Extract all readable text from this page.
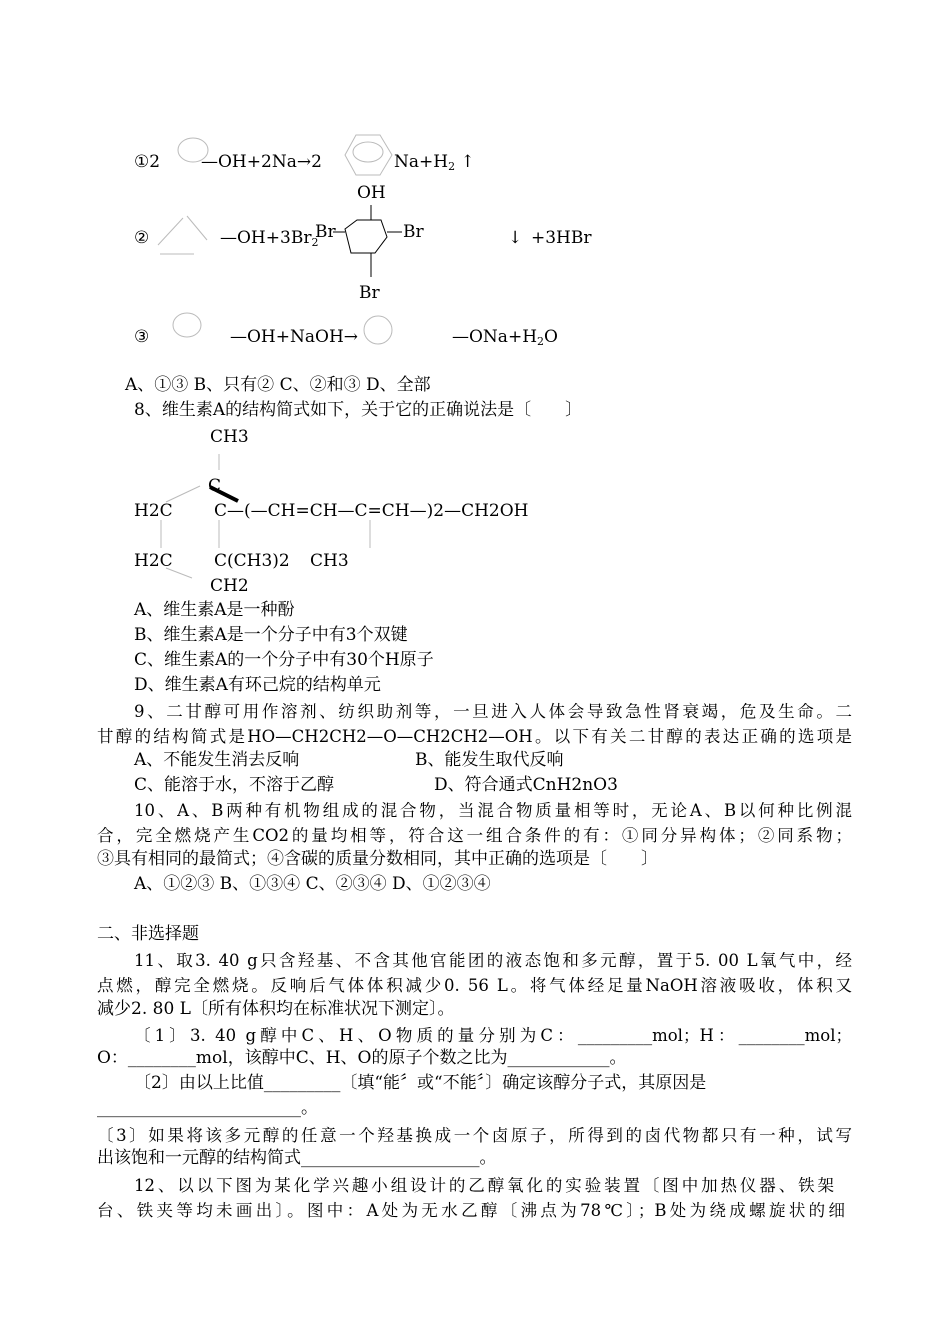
①2 —OH+2Na→2	$Na+H_2$ ↑
OH
②	$—OH+3Br_2$
Br	Br	↓ +3HBr
Br
③	—OH+NaOH→	$—ONa+H_2O$
A、①③ B、只有② C、②和③ D、全部
8、维生素A的结构简式如下，关于它的正确说法是〔　　〕
CH3
C
H2C C—(—CH=CH—C=CH—)2—CH2OH
H2C C(CH3)2 CH3
CH2
A、维生素A是一种酚
B、维生素A是一个分子中有3个双键
C、维生素A的一个分子中有30个H原子
D、维生素A有环己烷的结构单元
9、二甘醇可用作溶剂、纺织助剂等，一旦进入人体会导致急性肾衰竭，危及生命。二
甘醇的结构简式是HO—CH2CH2—O—CH2CH2—OH。以下有关二甘醇的表达正确的选项是
A、不能发生消去反响	B、能发生取代反响
C、能溶于水，不溶于乙醇	D、符合通式CnH2nO3
10、A、B两种有机物组成的混合物，当混合物质量相等时，无论A、B以何种比例混
合，完全燃烧产生CO2的量均相等，符合这一组合条件的有：①同分异构体；②同系物；
③具有相同的最简式；④含碳的质量分数相同，其中正确的选项是〔　　〕
A、①②③ B、①③④ C、②③④ D、①②③④
二、非选择题
11、取3. 40 g只含羟基、不含其他官能团的液态饱和多元醇，置于5. 00 L氧气中，经
点燃，醇完全燃烧。反响后气体体积减少0. 56 L。将气体经足量NaOH溶液吸收，体积又
减少2. 80 L〔所有体积均在标准状况下测定〕。
〔1〕3. 40 g醇中C、H、O物质的量分别为C：_________mol；H：________mol；
O：________mol，该醇中C、H、O的原子个数之比为____________。
〔2〕由以上比值_________〔填“能〞或“不能〞〕确定该醇分子式，其原因是
________________________。
〔3〕如果将该多元醇的任意一个羟基换成一个卤原子，所得到的卤代物都只有一种，试写
出该饱和一元醇的结构简式_____________________。
12、以以下图为某化学兴趣小组设计的乙醇氧化的实验装置〔图中加热仪器、铁架
台、铁夹等均未画出〕。图中：A处为无水乙醇〔沸点为78℃〕；B处为绕成螺旋状的细
